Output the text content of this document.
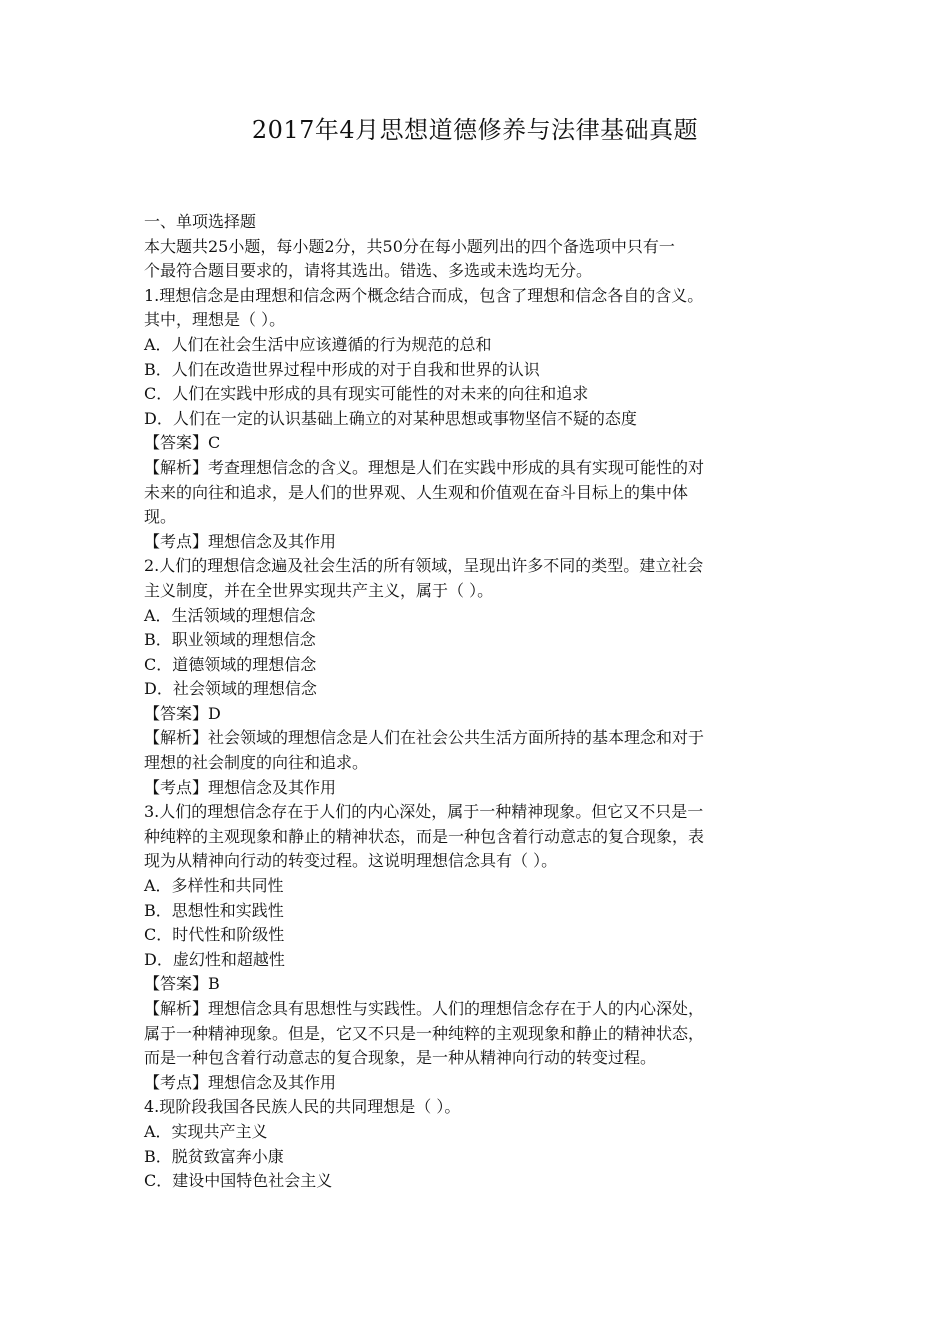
2017年4月思想道德修养与法律基础真题
一、单项选择题
本大题共25小题，每小题2分，共50分在每小题列出的四个备选项中只有一
个最符合题目要求的，请将其选出。错选、多选或未选均无分。
1.理想信念是由理想和信念两个概念结合而成，包含了理想和信念各自的含义。
其中，理想是（ ）。
A．人们在社会生活中应该遵循的行为规范的总和
B．人们在改造世界过程中形成的对于自我和世界的认识
C．人们在实践中形成的具有现实可能性的对未来的向往和追求
D．人们在一定的认识基础上确立的对某种思想或事物坚信不疑的态度
【答案】C
【解析】考查理想信念的含义。理想是人们在实践中形成的具有实现可能性的对
未来的向往和追求，是人们的世界观、人生观和价值观在奋斗目标上的集中体
现。
【考点】理想信念及其作用
2.人们的理想信念遍及社会生活的所有领域，呈现出许多不同的类型。建立社会
主义制度，并在全世界实现共产主义，属于（ ）。
A．生活领域的理想信念
B．职业领域的理想信念
C．道德领域的理想信念
D．社会领域的理想信念
【答案】D
【解析】社会领域的理想信念是人们在社会公共生活方面所持的基本理念和对于
理想的社会制度的向往和追求。
【考点】理想信念及其作用
3.人们的理想信念存在于人们的内心深处，属于一种精神现象。但它又不只是一
种纯粹的主观现象和静止的精神状态，而是一种包含着行动意志的复合现象，表
现为从精神向行动的转变过程。这说明理想信念具有（ ）。
A．多样性和共同性
B．思想性和实践性
C．时代性和阶级性
D．虚幻性和超越性
【答案】B
【解析】理想信念具有思想性与实践性。人们的理想信念存在于人的内心深处，
属于一种精神现象。但是，它又不只是一种纯粹的主观现象和静止的精神状态，
而是一种包含着行动意志的复合现象，是一种从精神向行动的转变过程。
【考点】理想信念及其作用
4.现阶段我国各民族人民的共同理想是（ ）。
A．实现共产主义
B．脱贫致富奔小康
C．建设中国特色社会主义
